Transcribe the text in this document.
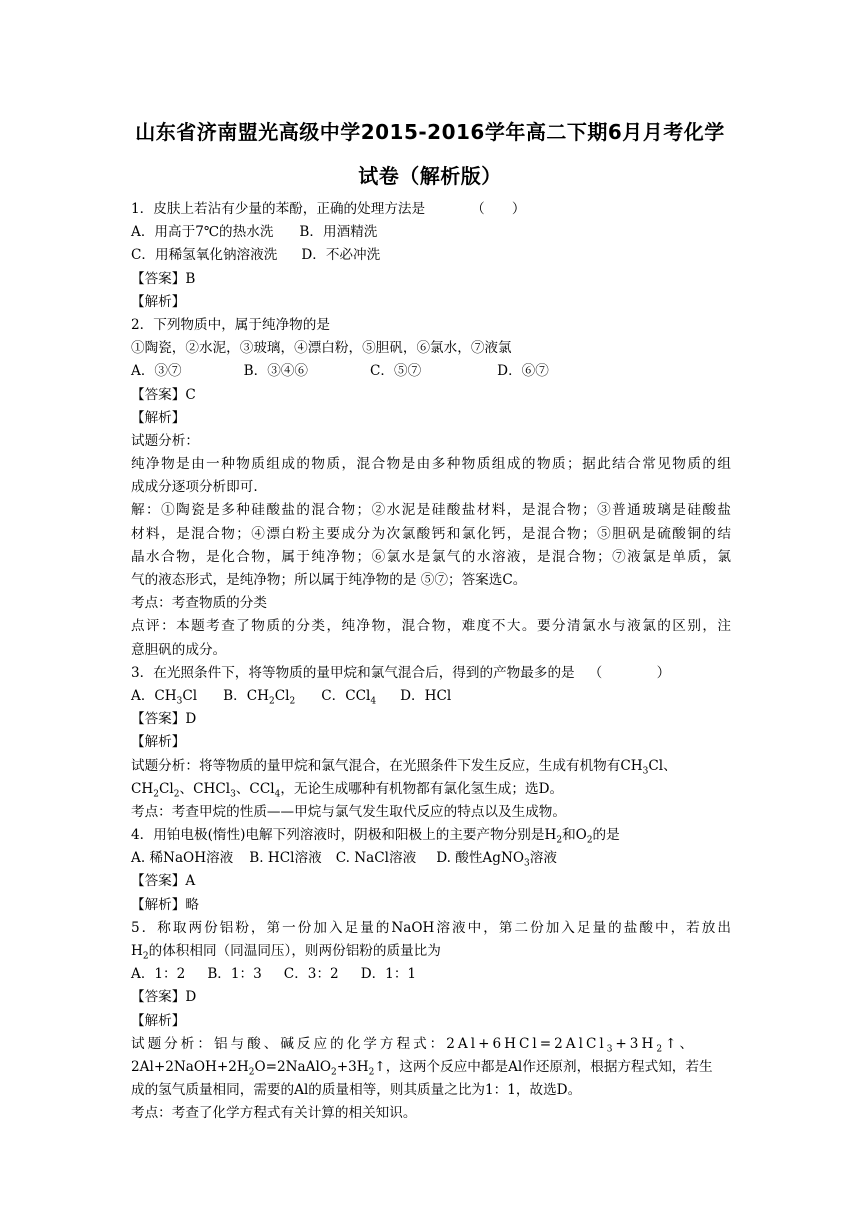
山东省济南盟光高级中学2015-2016学年高二下期6月月考化学
试卷（解析版）
1．皮肤上若沾有少量的苯酚，正确的处理方法是	（　　）
A．用高于7℃的热水洗 B．用酒精洗
C．用稀氢氧化钠溶液洗 D．不必冲洗
【答案】B
【解析】
2．下列物质中，属于纯净物的是
①陶瓷，②水泥，③玻璃，④漂白粉，⑤胆矾，⑥氯水，⑦液氯
A．③⑦	B．③④⑥	C．⑤⑦	D．⑥⑦
【答案】C
【解析】
试题分析：
纯净物是由一种物质组成的物质，混合物是由多种物质组成的物质；据此结合常见物质的组
成成分逐项分析即可.
解：①陶瓷是多种硅酸盐的混合物；②水泥是硅酸盐材料，是混合物；③普通玻璃是硅酸盐
材料，是混合物；④漂白粉主要成分为次氯酸钙和氯化钙，是混合物；⑤胆矾是硫酸铜的结
晶水合物，是化合物，属于纯净物；⑥氯水是氯气的水溶液，是混合物；⑦液氯是单质，氯
气的液态形式，是纯净物；所以属于纯净物的是 ⑤⑦；答案选C。
考点：考查物质的分类
点评：本题考查了物质的分类，纯净物，混合物，难度不大。要分清氯水与液氯的区别，注
意胆矾的成分。
3．在光照条件下，将等物质的量甲烷和氯气混合后，得到的产物最多的是 （　　　　）
A．$CH_3Cl$ B．$CH_2Cl_2$ C．CCl$_4$ D．HCl
【答案】D
【解析】
试题分析：将等物质的量甲烷和氯气混合，在光照条件下发生反应，生成有机物有$CH_3Cl$、
$CH_2Cl_2$、CHCl$_3$、CCl$_4$，无论生成哪种有机物都有氯化氢生成；选D。
考点：考查甲烷的性质——甲烷与氯气发生取代反应的特点以及生成物。
4．用铂电极(惰性)电解下列溶液时，阴极和阳极上的主要产物分别是$H_2$和$O_2$的是
A. 稀NaOH溶液 B. HCl溶液 C. NaCl溶液 D. 酸性AgNO$_3$溶液
【答案】A
【解析】略
5．称取两份铝粉，第一份加入足量的NaOH溶液中，第二份加入足量的盐酸中，若放出
$H_2$的体积相同（同温同压），则两份铝粉的质量比为
A．1：2 B．1：3 C．3：2 D．1：1
【答案】D
【解析】
试题分析：铝与酸、碱反应的化学方程式：$2Al+6HCl=2AlCl_3+3H_2↑$、
$2Al+2NaOH+2H_2O=2NaAlO_2+3H_2↑$，这两个反应中都是Al作还原剂，根据方程式知，若生
成的氢气质量相同，需要的Al的质量相等，则其质量之比为1：1，故选D。
考点：考查了化学方程式有关计算的相关知识。
